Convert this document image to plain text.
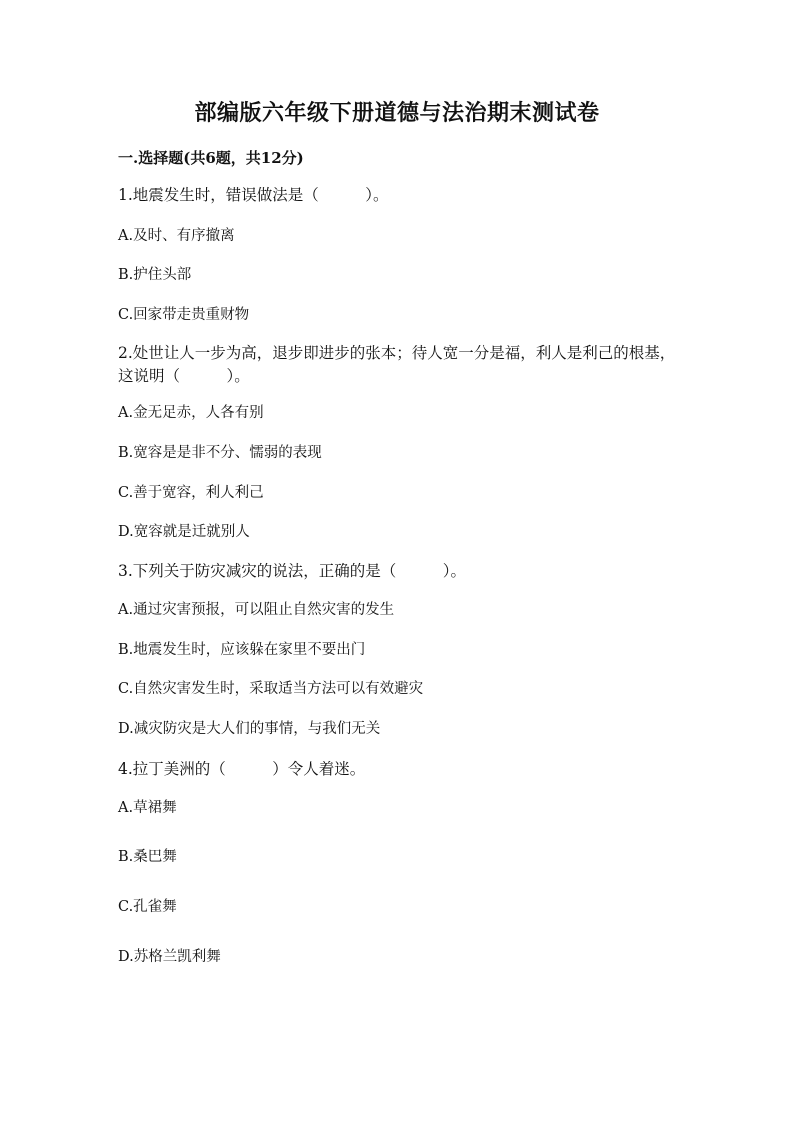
部编版六年级下册道德与法治期末测试卷

一.选择题(共6题，共12分)

1.地震发生时，错误做法是（　　　）。

A.及时、有序撤离

B.护住头部

C.回家带走贵重财物

2.处世让人一步为高，退步即进步的张本；待人宽一分是福，利人是利己的根基，这说明（　　　）。

A.金无足赤，人各有别

B.宽容是是非不分、懦弱的表现

C.善于宽容，利人利己

D.宽容就是迁就别人

3.下列关于防灾减灾的说法，正确的是（　　　）。

A.通过灾害预报，可以阻止自然灾害的发生

B.地震发生时，应该躲在家里不要出门

C.自然灾害发生时，采取适当方法可以有效避灾

D.减灾防灾是大人们的事情，与我们无关

4.拉丁美洲的（　　　）令人着迷。

A.草裙舞

B.桑巴舞

C.孔雀舞

D.苏格兰凯利舞
